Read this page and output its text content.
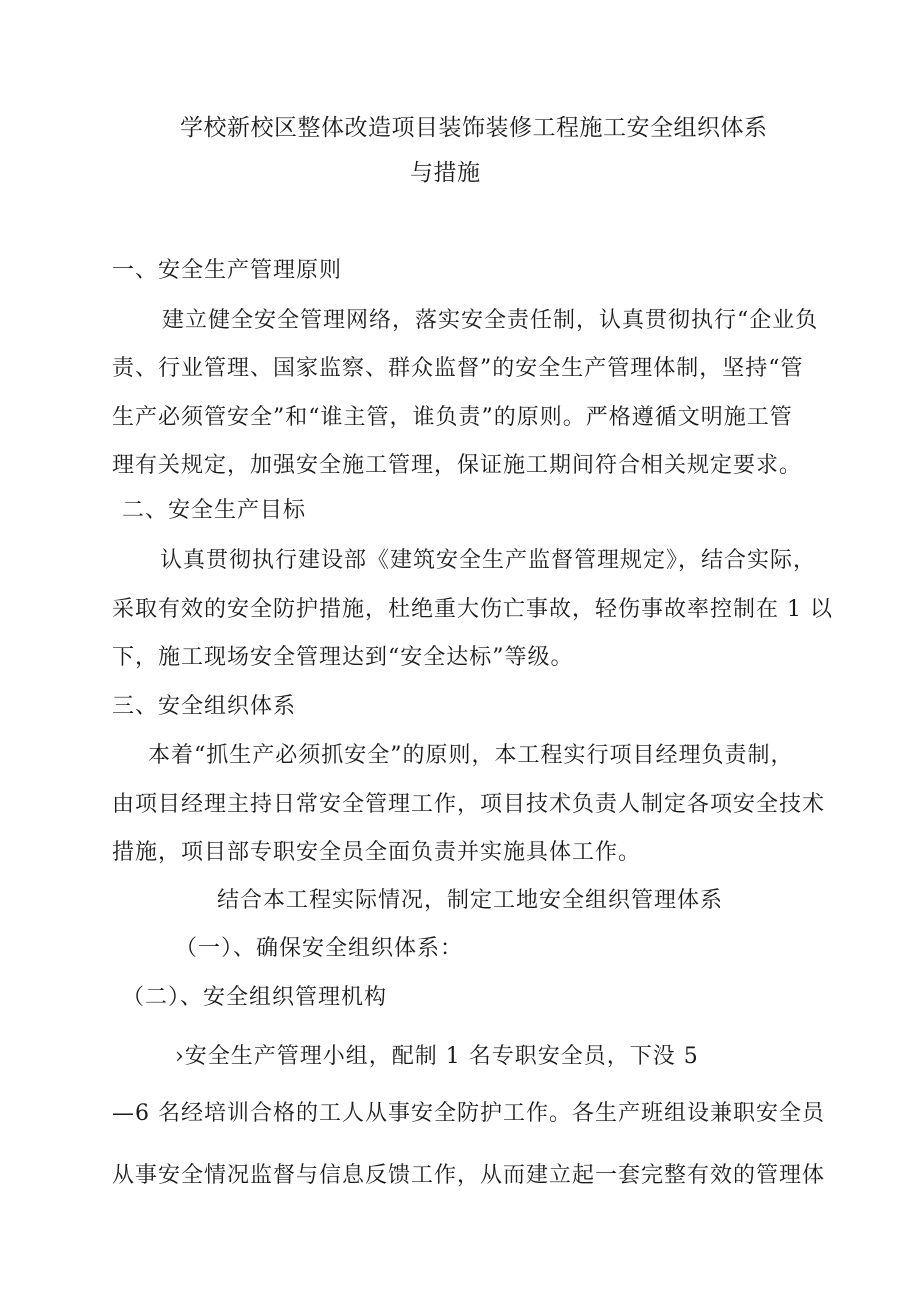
学校新校区整体改造项目装饰装修工程施工安全组织体系
与措施
一、安全生产管理原则
建立健全安全管理网络，落实安全责任制，认真贯彻执行“企业负
责、行业管理、国家监察、群众监督”的安全生产管理体制，坚持“管
生产必须管安全”和“谁主管，谁负责”的原则。严格遵循文明施工管
理有关规定，加强安全施工管理，保证施工期间符合相关规定要求。
二、安全生产目标
认真贯彻执行建设部《建筑安全生产监督管理规定》，结合实际，
采取有效的安全防护措施，杜绝重大伤亡事故，轻伤事故率控制在 1 以
下，施工现场安全管理达到“安全达标”等级。
三、安全组织体系
本着“抓生产必须抓安全”的原则，本工程实行项目经理负责制，
由项目经理主持日常安全管理工作，项目技术负责人制定各项安全技术
措施，项目部专职安全员全面负责并实施具体工作。
结合本工程实际情况，制定工地安全组织管理体系
（一）、确保安全组织体系：
（二）、安全组织管理机构
›安全生产管理小组，配制 1 名专职安全员，下没 5
—6 名经培训合格的工人从事安全防护工作。各生产班组设兼职安全员
从事安全情况监督与信息反馈工作，从而建立起一套完整有效的管理体
